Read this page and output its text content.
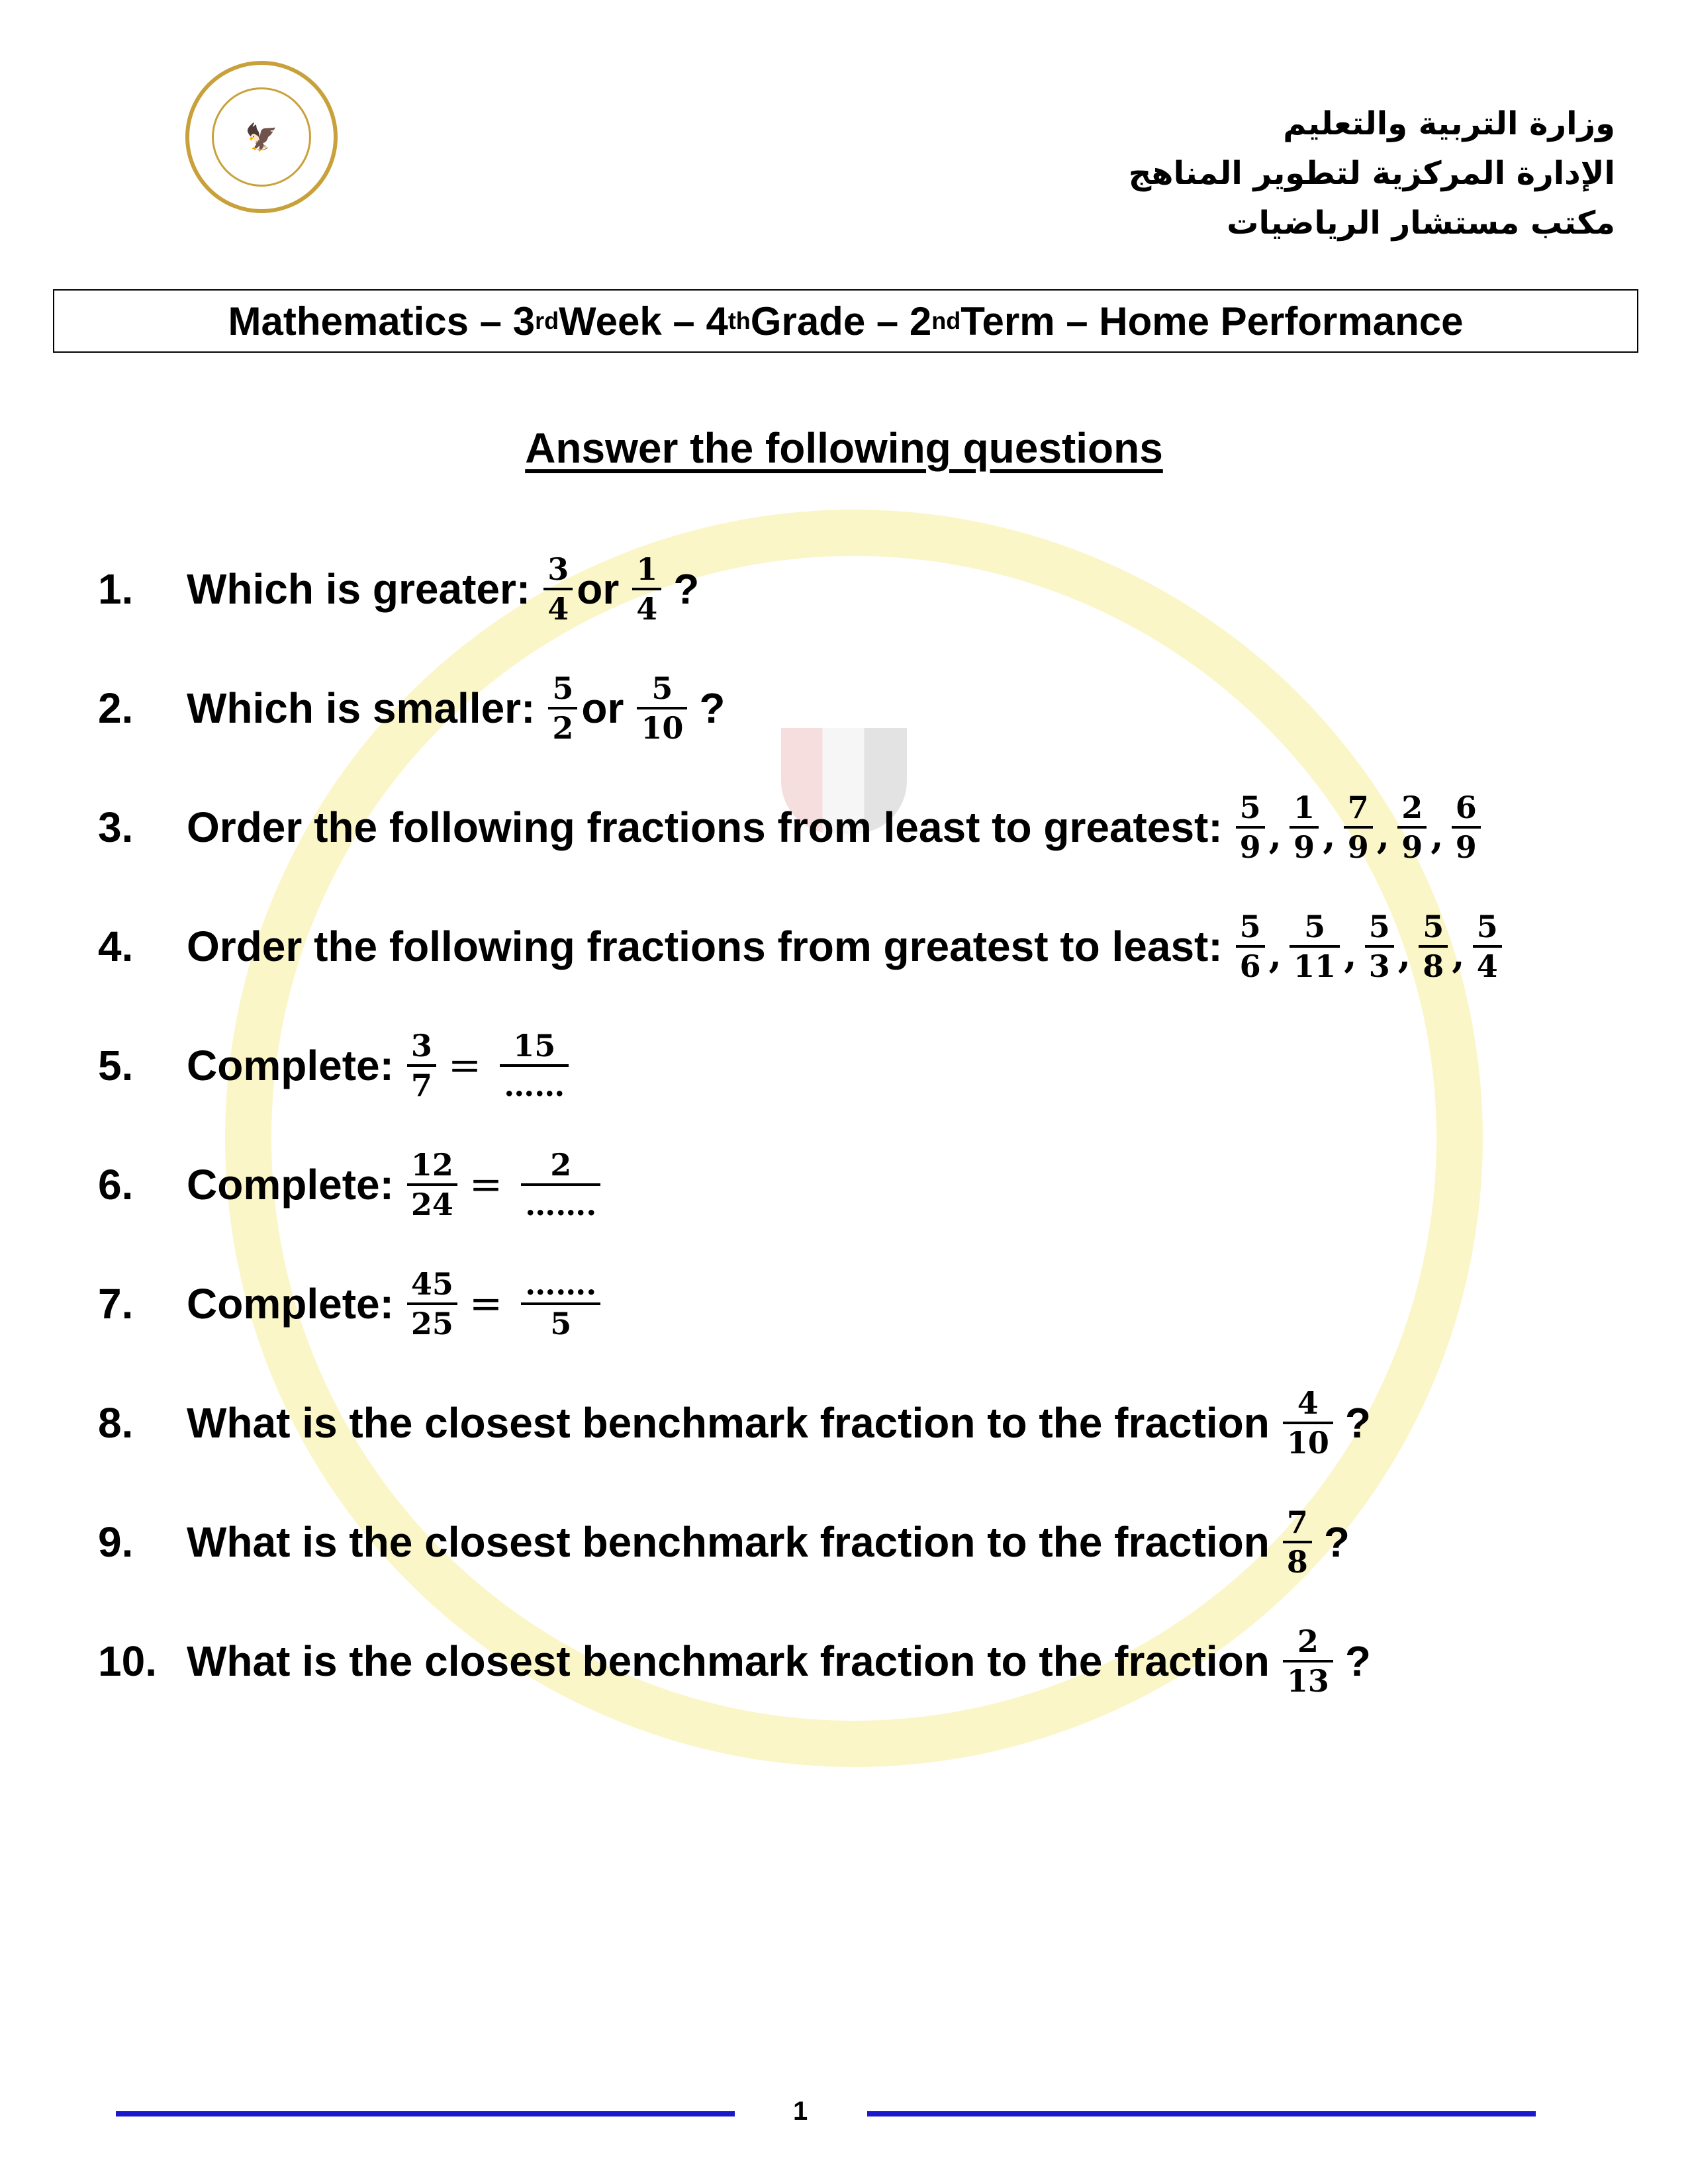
🦅	وزارة التربية والتعليم
الإدارة المركزية لتطوير المناهج
مكتب مستشار الرياضيات
Mathematics – 3 rd Week – 4 th Grade – 2 nd Term – Home Performance
Answer the following questions
1.	Which is greater: $\frac{3}{4}$ or $\frac{1}{4}$ ?
2.	Which is smaller: $\frac{5}{2}$ or $\frac{5}{10}$ ?
3.	Order the following fractions from least to greatest: $\frac{5}{9}$ , $\frac{1}{9}$ , $\frac{7}{9}$ , $\frac{2}{9}$ , $\frac{6}{9}$
4.	Order the following fractions from greatest to least: $\frac{5}{6}$ , $\frac{5}{11}$ , $\frac{5}{3}$ , $\frac{5}{8}$ , $\frac{5}{4}$
5.	Complete: $\frac{3}{7} = \frac{15}{\dots\dots}$
6.	Complete: $\frac{12}{24} = \frac{2}{\dots\dots.}$
7.	Complete: $\frac{45}{25} = \frac{\dots\dots.}{5}$
8.	What is the closest benchmark fraction to the fraction $\frac{4}{10}$ ?
9.	What is the closest benchmark fraction to the fraction $\frac{7}{8}$ ?
10. What is the closest benchmark fraction to the fraction $\frac{2}{13}$ ?
1
